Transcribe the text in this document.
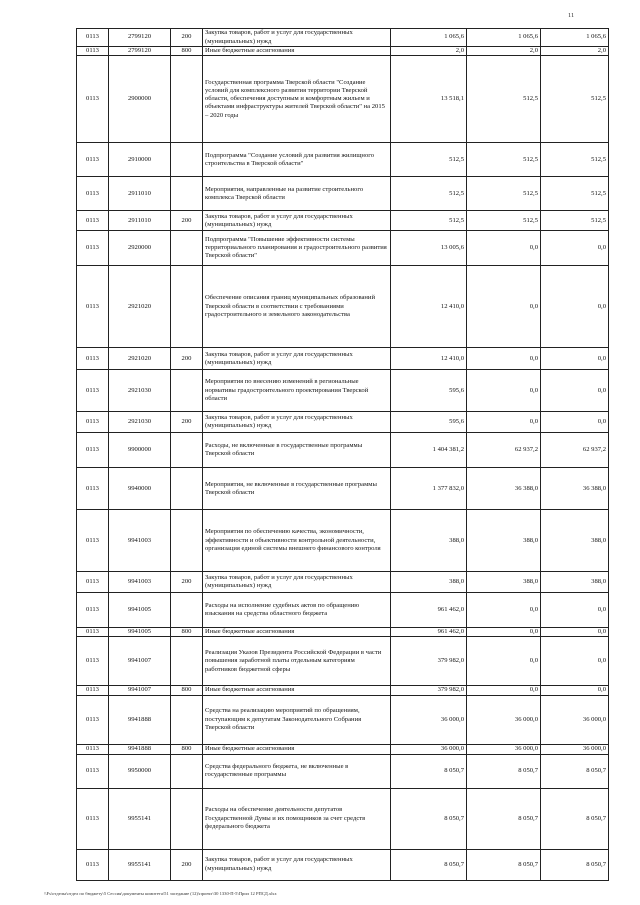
11
0113	2799120	200	Закупка товаров, работ и услуг для государственных (муниципальных) нужд	1 065,6	1 065,6	1 065,6
0113	2799120	800	Иные бюджетные ассигнования	2,0	2,0	2,0
0113	2900000		Государственная программа Тверской области "Создание условий для комплексного развития территории Тверской области, обеспечения доступным и комфортным жильем и объектами инфраструктуры жителей Тверской области" на 2015 – 2020 годы	13 518,1	512,5	512,5
0113	2910000		Подпрограмма "Создание условий для развития жилищного строительства в Тверской области"	512,5	512,5	512,5
0113	2911010		Мероприятия, направленные на развитие строительного комплекса Тверской области	512,5	512,5	512,5
0113	2911010	200	Закупка товаров, работ и услуг для государственных (муниципальных) нужд	512,5	512,5	512,5
0113	2920000		Подпрограмма "Повышение эффективности системы территориального планирования и градостроительного развития Тверской области"	13 005,6	0,0	0,0
0113	2921020		Обеспечение описания границ муниципальных образований Тверской области в соответствии с требованиями градостроительного и земельного законодательства	12 410,0	0,0	0,0
0113	2921020	200	Закупка товаров, работ и услуг для государственных (муниципальных) нужд	12 410,0	0,0	0,0
0113	2921030		Мероприятия по внесению изменений в региональные нормативы градостроительного проектирования Тверской области	595,6	0,0	0,0
0113	2921030	200	Закупка товаров, работ и услуг для государственных (муниципальных) нужд	595,6	0,0	0,0
0113	9900000		Расходы, не включенные в государственные программы Тверской области	1 404 381,2	62 937,2	62 937,2
0113	9940000		Мероприятия, не включенные в государственные программы Тверской области	1 377 832,0	36 388,0	36 388,0
0113	9941003		Мероприятия по обеспечению качества, экономичности, эффективности и объективности контрольной деятельности, организация единой системы внешнего финансового контроля	388,0	388,0	388,0
0113	9941003	200	Закупка товаров, работ и услуг для государственных (муниципальных) нужд	388,0	388,0	388,0
0113	9941005		Расходы на исполнение судебных актов по обращению взыскания на средства областного бюджета	961 462,0	0,0	0,0
0113	9941005	800	Иные бюджетные ассигнования	961 462,0	0,0	0,0
0113	9941007		Реализация Указов Президента Российской Федерации в части повышения заработной платы отдельным категориям работников бюджетной сферы	379 982,0	0,0	0,0
0113	9941007	800	Иные бюджетные ассигнования	379 982,0	0,0	0,0
0113	9941888		Средства на реализацию мероприятий по обращениям, поступающим к депутатам Законодательного Собрания Тверской области	36 000,0	36 000,0	36 000,0
0113	9941888	800	Иные бюджетные ассигнования	36 000,0	36 000,0	36 000,0
0113	9950000		Средства федерального бюджета, не включенные в государственные программы	8 050,7	8 050,7	8 050,7
0113	9955141		Расходы на обеспечение деятельности депутатов Государственной Думы и их помощников за счет средств федерального бюджета	8 050,7	8 050,7	8 050,7
0113	9955141	200	Закупка товаров, работ и услуг для государственных (муниципальных) нужд	8 050,7	8 050,7	8 050,7
\\Fs\отделы\отдел по бюджету\5 Сессия\документы комитета\51 заседание (12)\проект\30 1330-П-5\Прил 12 РПСД.xlsx
